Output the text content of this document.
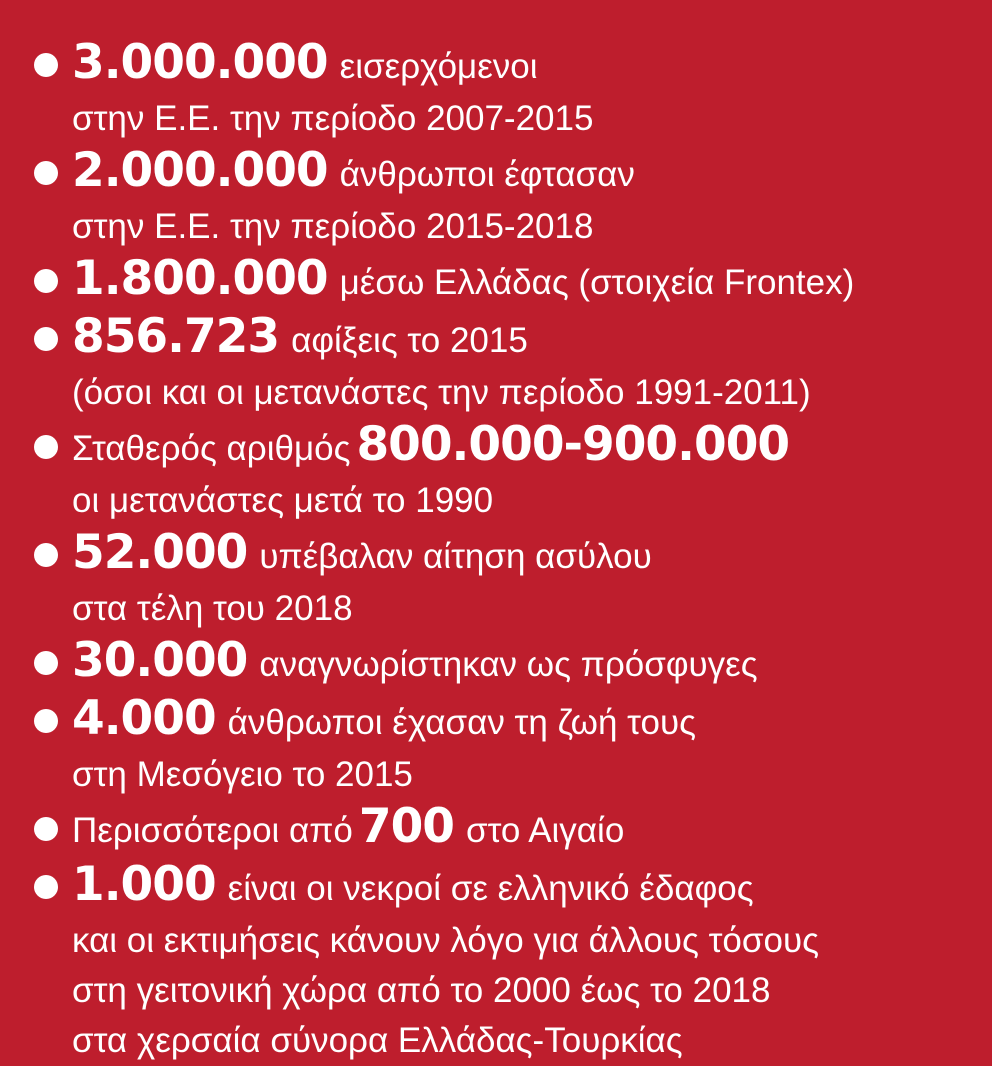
3.000.000 εισερχόμενοι
στην Ε.Ε. την περίοδο 2007-2015
2.000.000 άνθρωποι έφτασαν
στην Ε.Ε. την περίοδο 2015-2018
1.800.000 μέσω Ελλάδας (στοιχεία Frontex)
856.723 αφίξεις το 2015
(όσοι και οι μετανάστες την περίοδο 1991-2011)
Σταθερός αριθμός 800.000-900.000
οι μετανάστες μετά το 1990
52.000 υπέβαλαν αίτηση ασύλου
στα τέλη του 2018
30.000 αναγνωρίστηκαν ως πρόσφυγες
4.000 άνθρωποι έχασαν τη ζωή τους
στη Μεσόγειο το 2015
Περισσότεροι από 700 στο Αιγαίο
1.000 είναι οι νεκροί σε ελληνικό έδαφος
και οι εκτιμήσεις κάνουν λόγο για άλλους τόσους
στη γειτονική χώρα από το 2000 έως το 2018
στα χερσαία σύνορα Ελλάδας-Τουρκίας
